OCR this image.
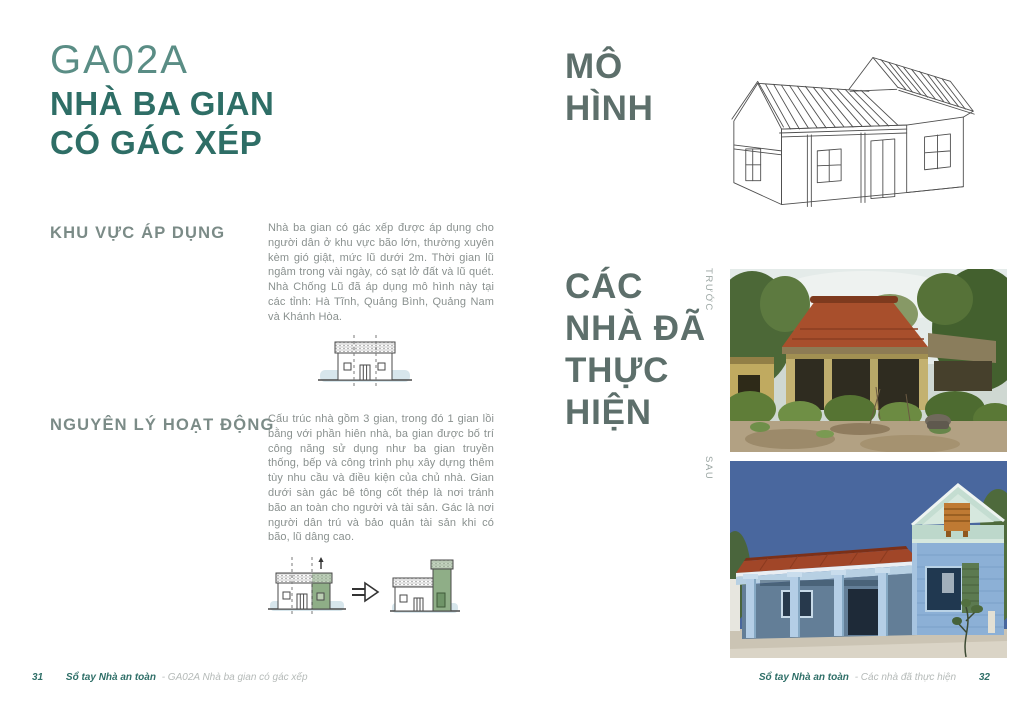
GA02A
NHÀ BA GIAN
CÓ GÁC XÉP
KHU VỰC ÁP DỤNG	Nhà ba gian có gác xếp được áp dụng cho người dân ở khu vực bão lớn, thường xuyên kèm gió giật, mức lũ dưới 2m. Thời gian lũ ngâm trong vài ngày, có sạt lở đất và lũ quét. Nhà Chống Lũ đã áp dụng mô hình này tại các tỉnh: Hà Tĩnh, Quảng Bình, Quảng Nam và Khánh Hòa.
NGUYÊN LÝ HOẠT ĐỘNG
Cấu trúc nhà gồm 3 gian, trong đó 1 gian lồi bằng với phần hiên nhà, ba gian được bố trí công năng sử dụng như ba gian truyền thống, bếp và công trình phụ xây dựng thêm tùy nhu cầu và điều kiện của chủ nhà. Gian dưới sàn gác bê tông cốt thép là nơi tránh bão an toàn cho người và tài sản. Gác là nơi người dân trú và bảo quản tài sản khi có bão, lũ dâng cao.
31 Sổ tay Nhà an toàn - GA02A Nhà ba gian có gác xếp
MÔ
HÌNH
CÁC
NHÀ ĐÃ
THỰC
HIỆN
TRƯỚC
SAU
Sổ tay Nhà an toàn - Các nhà đã thực hiện 32
